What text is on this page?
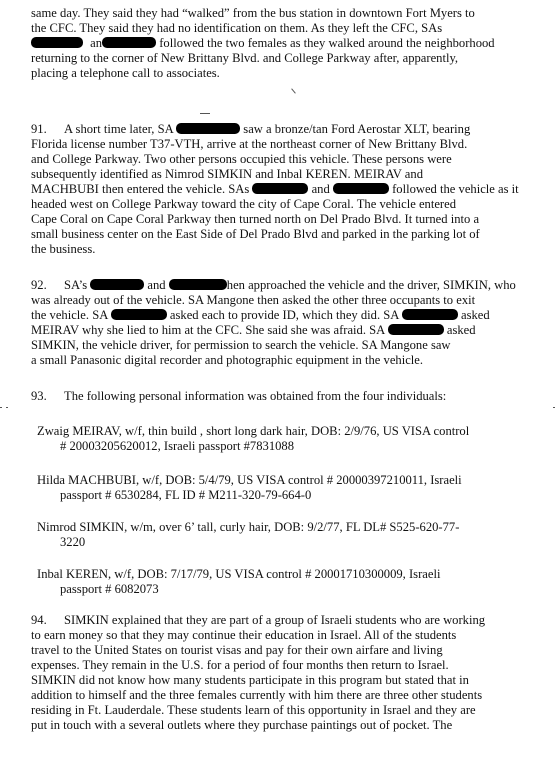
same day. They said they had “walked” from the bus station in downtown Fort Myers to
the CFC. They said they had no identification on them. As they left the CFC, SAs
an	followed the two females as they walked around the neighborhood
returning to the corner of New Brittany Blvd. and College Parkway after, apparently,
placing a telephone call to associates.
91. A short time later, SA	saw a bronze/tan Ford Aerostar XLT, bearing
Florida license number T37-VTH, arrive at the northeast corner of New Brittany Blvd.
and College Parkway. Two other persons occupied this vehicle. These persons were
subsequently identified as Nimrod SIMKIN and Inbal KEREN. MEIRAV and
MACHBUBI then entered the vehicle. SAs	and	followed the vehicle as it
headed west on College Parkway toward the city of Cape Coral. The vehicle entered
Cape Coral on Cape Coral Parkway then turned north on Del Prado Blvd. It turned into a
small business center on the East Side of Del Prado Blvd and parked in the parking lot of
the business.
92. SA’s	and	hen approached the vehicle and the driver, SIMKIN, who
was already out of the vehicle. SA Mangone then asked the other three occupants to exit
the vehicle. SA	asked each to provide ID, which they did. SA	asked
MEIRAV why she lied to him at the CFC. She said she was afraid. SA	asked
SIMKIN, the vehicle driver, for permission to search the vehicle. SA Mangone saw
a small Panasonic digital recorder and photographic equipment in the vehicle.
93. The following personal information was obtained from the four individuals:
Zwaig MEIRAV, w/f, thin build , short long dark hair, DOB: 2/9/76, US VISA control
# 20003205620012, Israeli passport #7831088
Hilda MACHBUBI, w/f, DOB: 5/4/79, US VISA control # 20000397210011, Israeli
passport # 6530284, FL ID # M211-320-79-664-0
Nimrod SIMKIN, w/m, over 6’ tall, curly hair, DOB: 9/2/77, FL DL# S525-620-77-
3220
Inbal KEREN, w/f, DOB: 7/17/79, US VISA control # 20001710300009, Israeli
passport # 6082073
94. SIMKIN explained that they are part of a group of Israeli students who are working
to earn money so that they may continue their education in Israel. All of the students
travel to the United States on tourist visas and pay for their own airfare and living
expenses. They remain in the U.S. for a period of four months then return to Israel.
SIMKIN did not know how many students participate in this program but stated that in
addition to himself and the three females currently with him there are three other students
residing in Ft. Lauderdale. These students learn of this opportunity in Israel and they are
put in touch with a several outlets where they purchase paintings out of pocket. The
